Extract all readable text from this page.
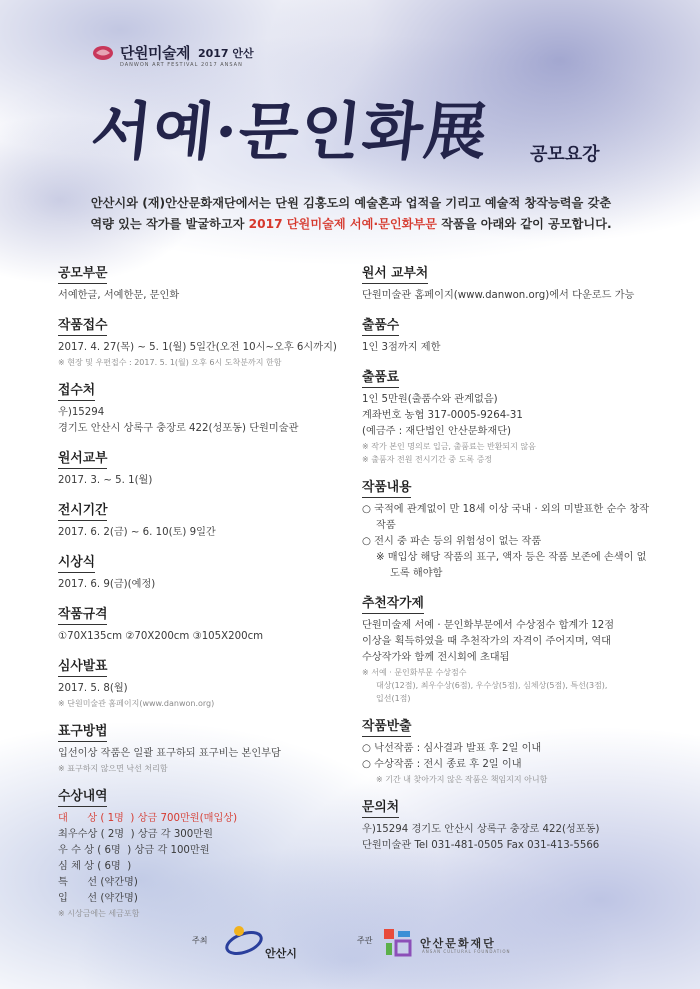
단원미술제 2017 안산
DANWON ART FESTIVAL 2017 ANSAN
서예·문인화展 공모요강
안산시와 (재)안산문화재단에서는 단원 김홍도의 예술혼과 업적을 기리고 예술적 창작능력을 갖춘
역량 있는 작가를 발굴하고자 2017 단원미술제 서예·문인화부문 작품을 아래와 같이 공모합니다.
공모부문
서예한글, 서예한문, 문인화
작품접수
2017. 4. 27(목) ~ 5. 1(월) 5일간(오전 10시~오후 6시까지)
※ 현장 및 우편접수 : 2017. 5. 1(월) 오후 6시 도착분까지 한함
접수처
우)15294
경기도 안산시 상록구 충장로 422(성포동) 단원미술관
원서교부
2017. 3. ~ 5. 1(월)
전시기간
2017. 6. 2(금) ~ 6. 10(토) 9일간
시상식
2017. 6. 9(금)(예정)
작품규격
①70X135cm ②70X200cm ③105X200cm
심사발표
2017. 5. 8(월)
※ 단원미술관 홈페이지(www.danwon.org)
표구방법
입선이상 작품은 일괄 표구하되 표구비는 본인부담
※ 표구하지 않으면 낙선 처리함
수상내역
대      상 ( 1명  ) 상금 700만원(매입상)
최우수상 ( 2명  ) 상금 각 300만원
우 수 상 ( 6명  ) 상금 각 100만원
심 체 상 ( 6명  )
특      선 (약간명)
입      선 (약간명)
※ 시상금에는 세금포함
원서 교부처
단원미술관 홈페이지(www.danwon.org)에서 다운로드 가능
출품수
1인 3점까지 제한
출품료
1인 5만원(출품수와 관계없음)
계좌번호 농협 317-0005-9264-31
(예금주 : 재단법인 안산문화재단)
※ 작가 본인 명의로 입금, 출품료는 반환되지 않음
※ 출품자 전원 전시기간 중 도록 증정
작품내용
○ 국적에 관계없이 만 18세 이상 국내 · 외의 미발표한 순수 창작 작품
○ 전시 중 파손 등의 위험성이 없는 작품
※ 매입상 해당 작품의 표구, 액자 등은 작품 보존에 손색이 없도록 해야함
추천작가제
단원미술제 서예 · 문인화부문에서 수상점수 합계가 12점
이상을 획득하였을 때 추천작가의 자격이 주어지며, 역대
수상작가와 함께 전시회에 초대됨
※ 서예 · 문인화부문 수상점수
대상(12점), 최우수상(6점), 우수상(5점), 심체상(5점), 특선(3점),
입선(1점)
작품반출
○ 낙선작품 : 심사결과 발표 후 2일 이내
○ 수상작품 : 전시 종료 후 2일 이내
※ 기간 내 찾아가지 않은 작품은 책임지지 아니함
문의처
우)15294 경기도 안산시 상록구 충장로 422(성포동)
단원미술관 Tel 031-481-0505 Fax 031-413-5566
주최
안산시
주관	안산문화재단
ANSAN CULTURAL FOUNDATION
